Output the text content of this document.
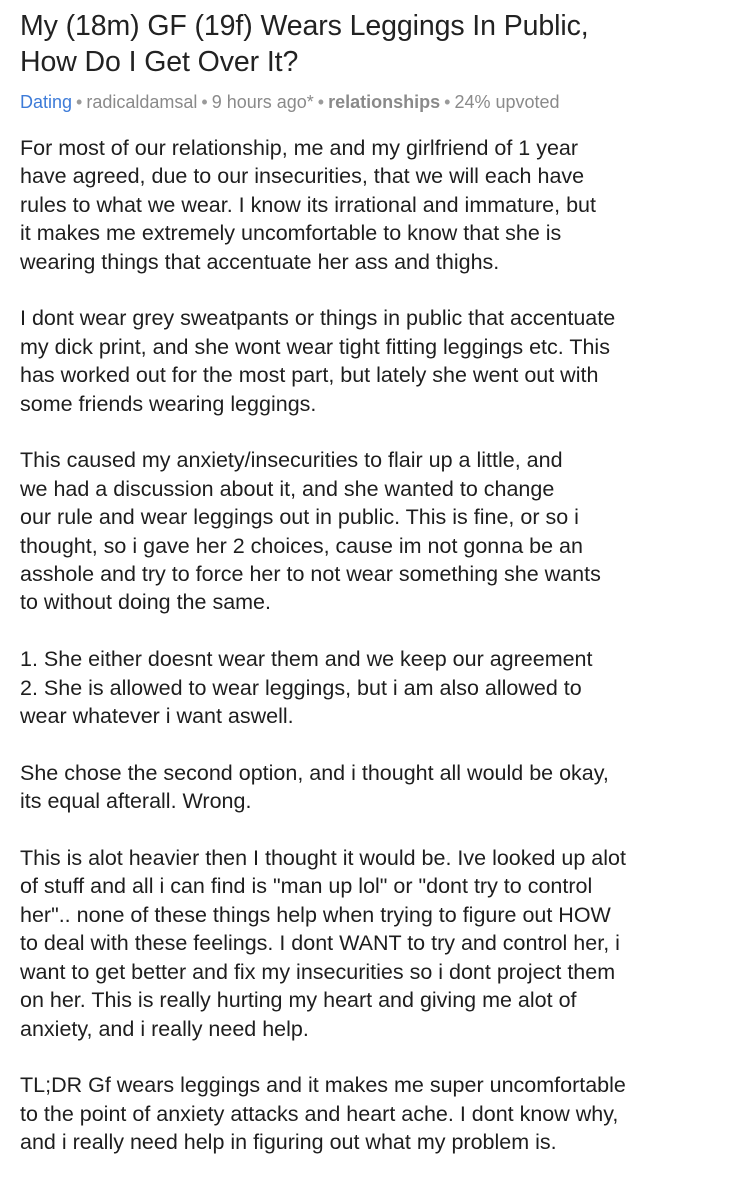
My (18m) GF (19f) Wears Leggings In Public,
How Do I Get Over It?
Dating • radicaldamsal • 9 hours ago* • relationships • 24% upvoted
For most of our relationship, me and my girlfriend of 1 year
have agreed, due to our insecurities, that we will each have
rules to what we wear. I know its irrational and immature, but
it makes me extremely uncomfortable to know that she is
wearing things that accentuate her ass and thighs.
I dont wear grey sweatpants or things in public that accentuate
my dick print, and she wont wear tight fitting leggings etc. This
has worked out for the most part, but lately she went out with
some friends wearing leggings.
This caused my anxiety/insecurities to flair up a little, and
we had a discussion about it, and she wanted to change
our rule and wear leggings out in public. This is fine, or so i
thought, so i gave her 2 choices, cause im not gonna be an
asshole and try to force her to not wear something she wants
to without doing the same.
1. She either doesnt wear them and we keep our agreement
2. She is allowed to wear leggings, but i am also allowed to
wear whatever i want aswell.
She chose the second option, and i thought all would be okay,
its equal afterall. Wrong.
This is alot heavier then I thought it would be. Ive looked up alot
of stuff and all i can find is "man up lol" or "dont try to control
her".. none of these things help when trying to figure out HOW
to deal with these feelings. I dont WANT to try and control her, i
want to get better and fix my insecurities so i dont project them
on her. This is really hurting my heart and giving me alot of
anxiety, and i really need help.
TL;DR Gf wears leggings and it makes me super uncomfortable
to the point of anxiety attacks and heart ache. I dont know why,
and i really need help in figuring out what my problem is.
